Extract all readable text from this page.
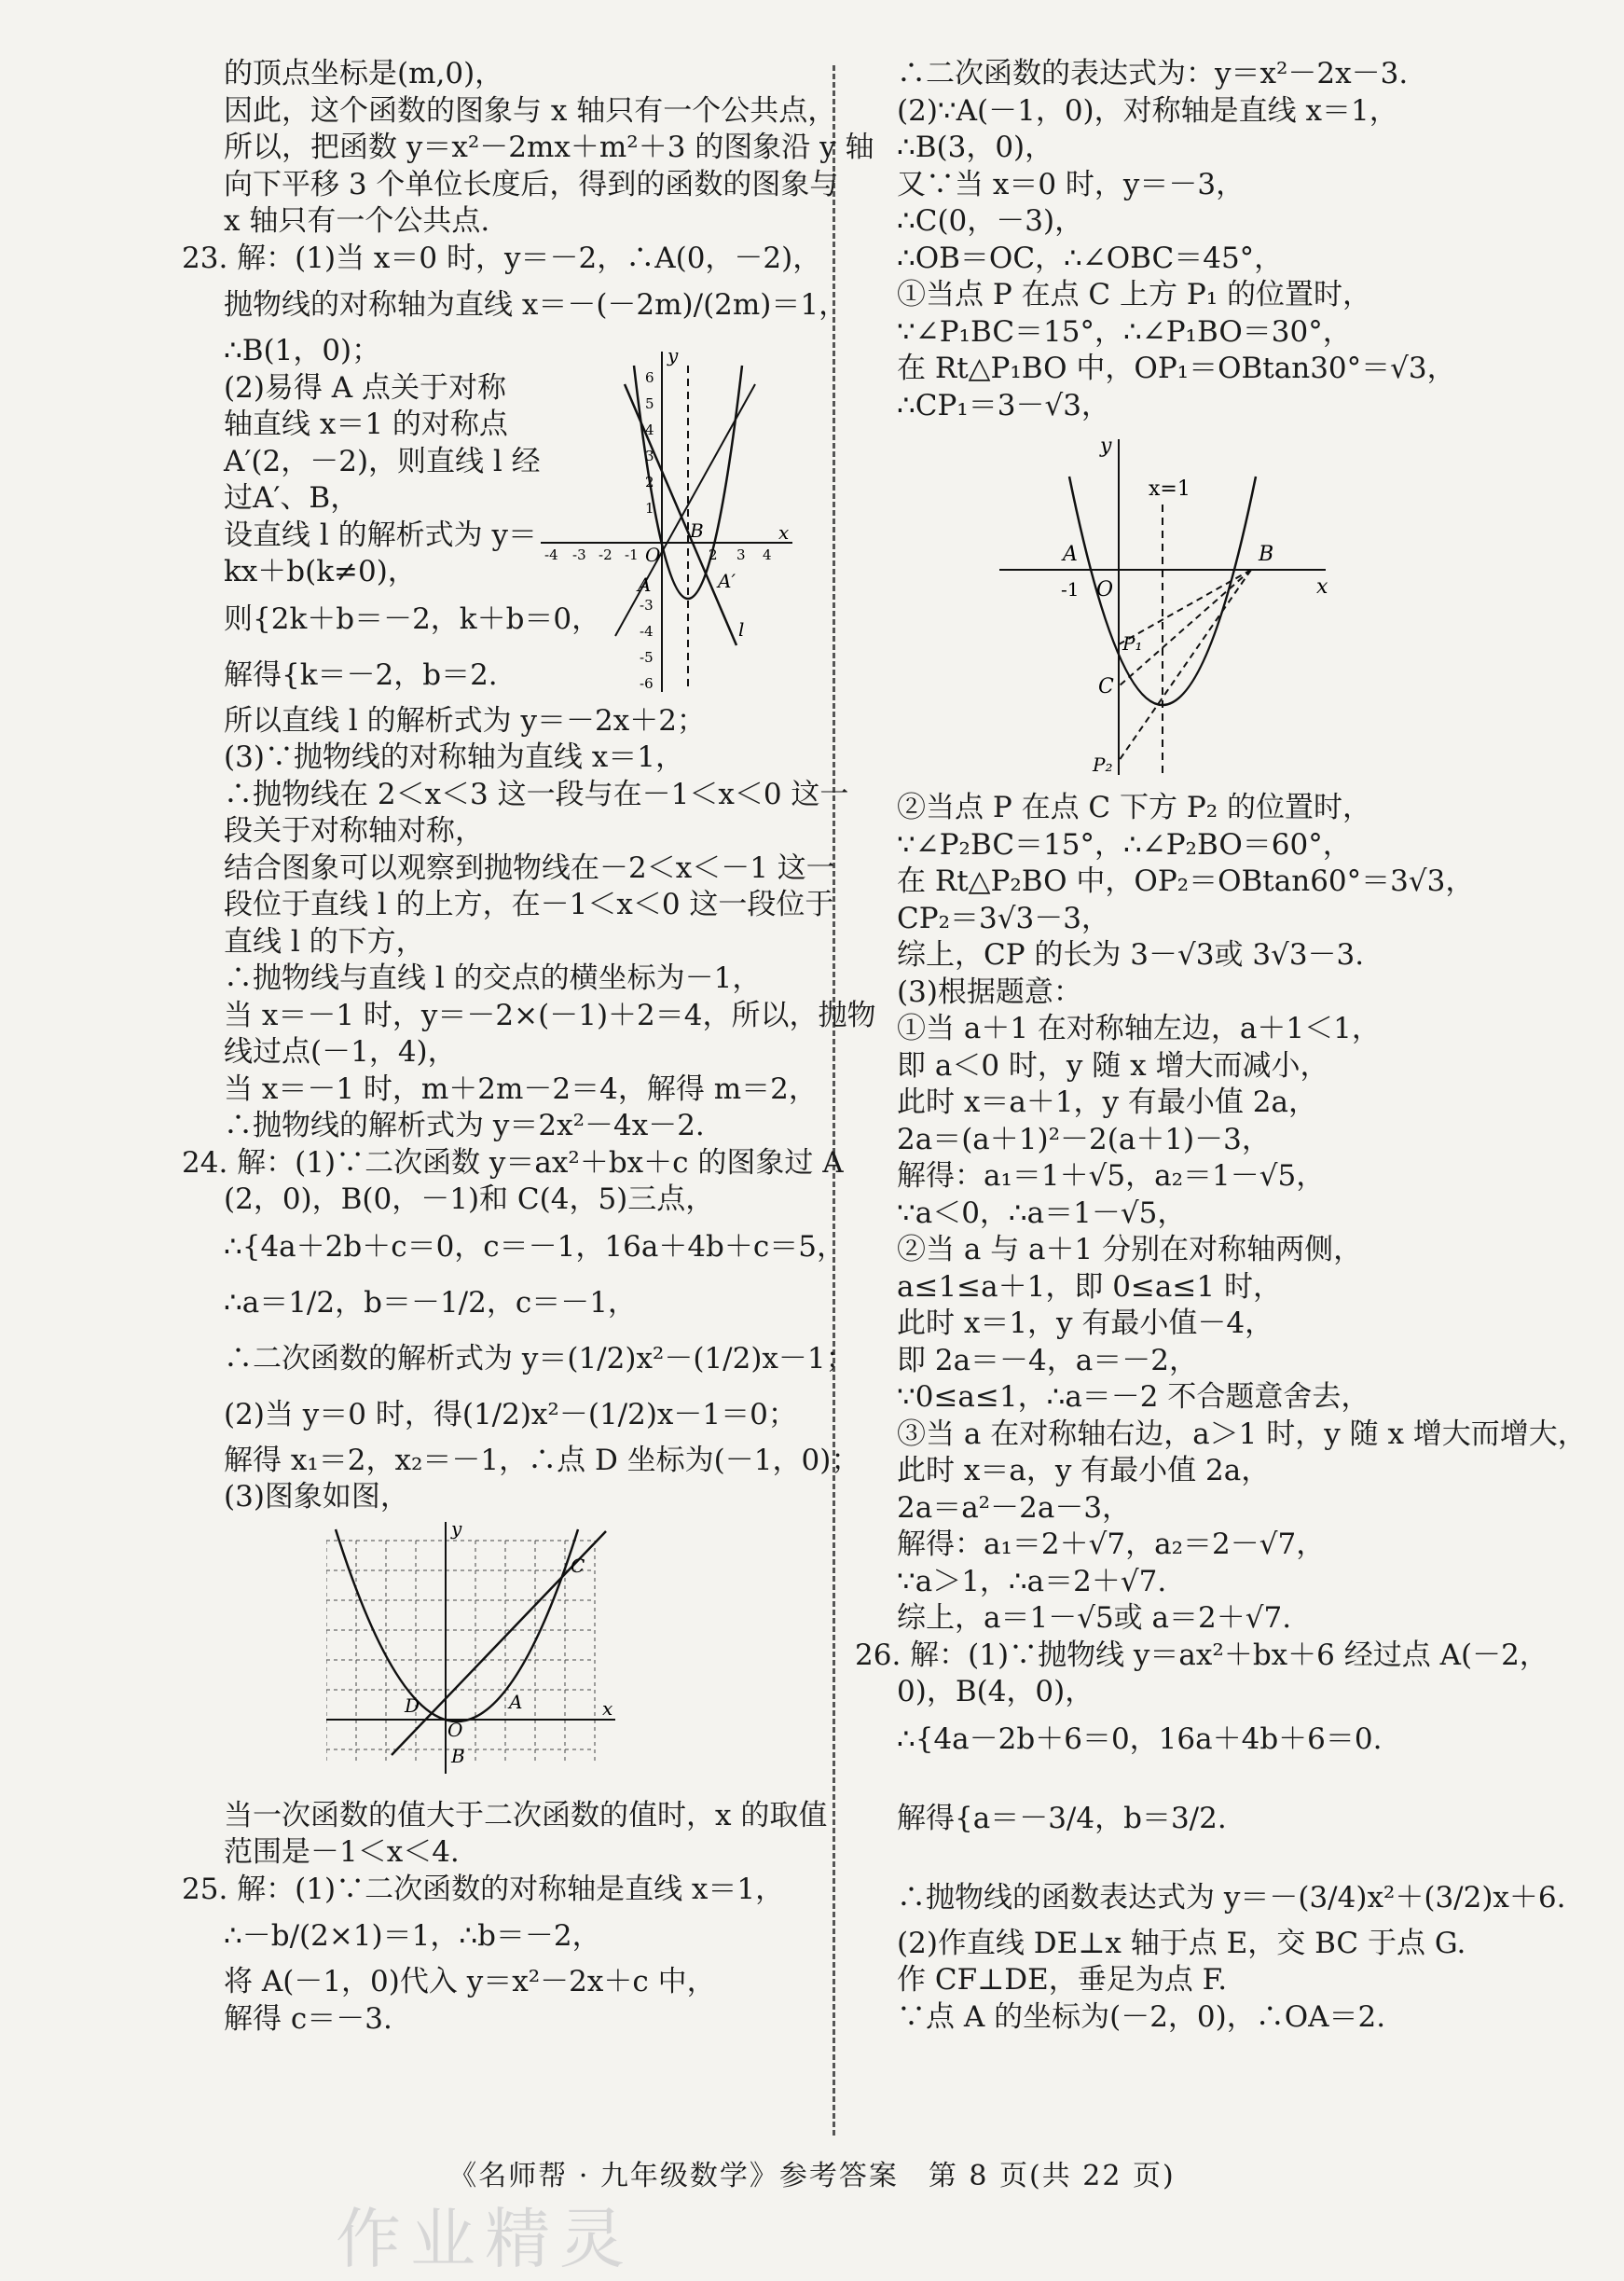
的顶点坐标是(m,0)，
因此，这个函数的图象与 x 轴只有一个公共点，
所以，把函数 y＝x²－2mx＋m²＋3 的图象沿 y 轴
向下平移 3 个单位长度后，得到的函数的图象与
x 轴只有一个公共点.
23. 解：(1)当 x＝0 时，y＝－2，∴A(0，－2)，
抛物线的对称轴为直线 x＝－(－2m)/(2m)＝1，
∴B(1，0)；
(2)易得 A 点关于对称
轴直线 x＝1 的对称点
A′(2，－2)，则直线 l 经
过A′、B，
设直线 l 的解析式为 y＝
kx＋b(k≠0)，
则{2k＋b＝－2，k＋b＝0，
解得{k＝－2，b＝2.
所以直线 l 的解析式为 y＝－2x＋2；
(3)∵抛物线的对称轴为直线 x＝1，
∴抛物线在 2＜x＜3 这一段与在－1＜x＜0 这一
段关于对称轴对称，
结合图象可以观察到抛物线在－2＜x＜－1 这一
段位于直线 l 的上方，在－1＜x＜0 这一段位于
直线 l 的下方，
∴抛物线与直线 l 的交点的横坐标为－1，
当 x＝－1 时，y＝－2×(－1)＋2＝4，所以，抛物
线过点(－1，4)，
当 x＝－1 时，m＋2m－2＝4，解得 m＝2，
∴抛物线的解析式为 y＝2x²－4x－2.
24. 解：(1)∵二次函数 y＝ax²＋bx＋c 的图象过 A
(2，0)，B(0，－1)和 C(4，5)三点，
∴{4a＋2b＋c＝0，c＝－1，16a＋4b＋c＝5，
∴a＝1/2，b＝－1/2，c＝－1，
∴二次函数的解析式为 y＝(1/2)x²－(1/2)x－1；
(2)当 y＝0 时，得(1/2)x²－(1/2)x－1＝0；
解得 x₁＝2，x₂＝－1，∴点 D 坐标为(－1，0)；
(3)图象如图，
x
y
D
O
B
A
C
当一次函数的值大于二次函数的值时，x 的取值
范围是－1＜x＜4.
25. 解：(1)∵二次函数的对称轴是直线 x＝1，
∴－b/(2×1)＝1，∴b＝－2，
将 A(－1，0)代入 y＝x²－2x＋c 中，
解得 c＝－3.
x
y
B
O
A	A′
l
-4 -3 -2 -1	2 3 4
6
5
4
3
2
1
-3
-4
-5
-6
∴二次函数的表达式为：y＝x²－2x－3.
(2)∵A(－1，0)，对称轴是直线 x＝1，
∴B(3，0)，
又∵当 x＝0 时，y＝－3，
∴C(0，－3)，
∴OB＝OC，∴∠OBC＝45°，
①当点 P 在点 C 上方 P₁ 的位置时，
∵∠P₁BC＝15°，∴∠P₁BO＝30°，
在 Rt△P₁BO 中，OP₁＝OBtan30°＝√3，
∴CP₁＝3－√3，
x
y
x=1
A	B
O
-1
P₁
C
P₂
②当点 P 在点 C 下方 P₂ 的位置时，
∵∠P₂BC＝15°，∴∠P₂BO＝60°，
在 Rt△P₂BO 中，OP₂＝OBtan60°＝3√3，
CP₂＝3√3－3，
综上，CP 的长为 3－√3或 3√3－3.
(3)根据题意：
①当 a＋1 在对称轴左边，a＋1＜1，
即 a＜0 时，y 随 x 增大而减小，
此时 x＝a＋1，y 有最小值 2a，
2a＝(a＋1)²－2(a＋1)－3，
解得：a₁＝1＋√5，a₂＝1－√5，
∵a＜0，∴a＝1－√5，
②当 a 与 a＋1 分别在对称轴两侧，
a≤1≤a＋1，即 0≤a≤1 时，
此时 x＝1，y 有最小值－4，
即 2a＝－4，a＝－2，
∵0≤a≤1，∴a＝－2 不合题意舍去，
③当 a 在对称轴右边，a＞1 时，y 随 x 增大而增大，
此时 x＝a，y 有最小值 2a，
2a＝a²－2a－3，
解得：a₁＝2＋√7，a₂＝2－√7，
∵a＞1，∴a＝2＋√7.
综上，a＝1－√5或 a＝2＋√7.
26. 解：(1)∵抛物线 y＝ax²＋bx＋6 经过点 A(－2，
0)，B(4，0)，
∴{4a－2b＋6＝0，16a＋4b＋6＝0.
解得{a＝－3/4，b＝3/2.
∴抛物线的函数表达式为 y＝－(3/4)x²＋(3/2)x＋6.
(2)作直线 DE⊥x 轴于点 E，交 BC 于点 G.
作 CF⊥DE，垂足为点 F.
∵点 A 的坐标为(－2，0)，∴OA＝2.
《名师帮 · 九年级数学》参考答案　第 8 页(共 22 页)
作业精灵
